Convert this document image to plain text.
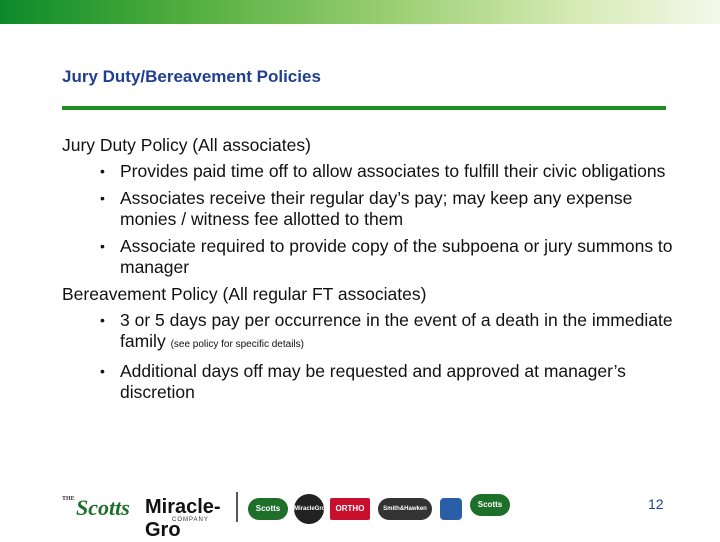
Jury Duty/Bereavement Policies
Jury Duty Policy (All associates)
• Provides paid time off to allow associates to fulfill their civic obligations
• Associates receive their regular day’s pay; may keep any expense monies / witness fee allotted to them
• Associate required to provide copy of the subpoena or jury summons to manager
Bereavement Policy (All regular FT associates)
• 3 or 5 days pay per occurrence in the event of a death in the immediate family (see policy for specific details)
• Additional days off may be requested and approved at manager’s discretion
THE Scotts Miracle-Gro
COMPANY
Scotts	MiracleGro	ORTHO	Smith&Hawken	Scotts	12
